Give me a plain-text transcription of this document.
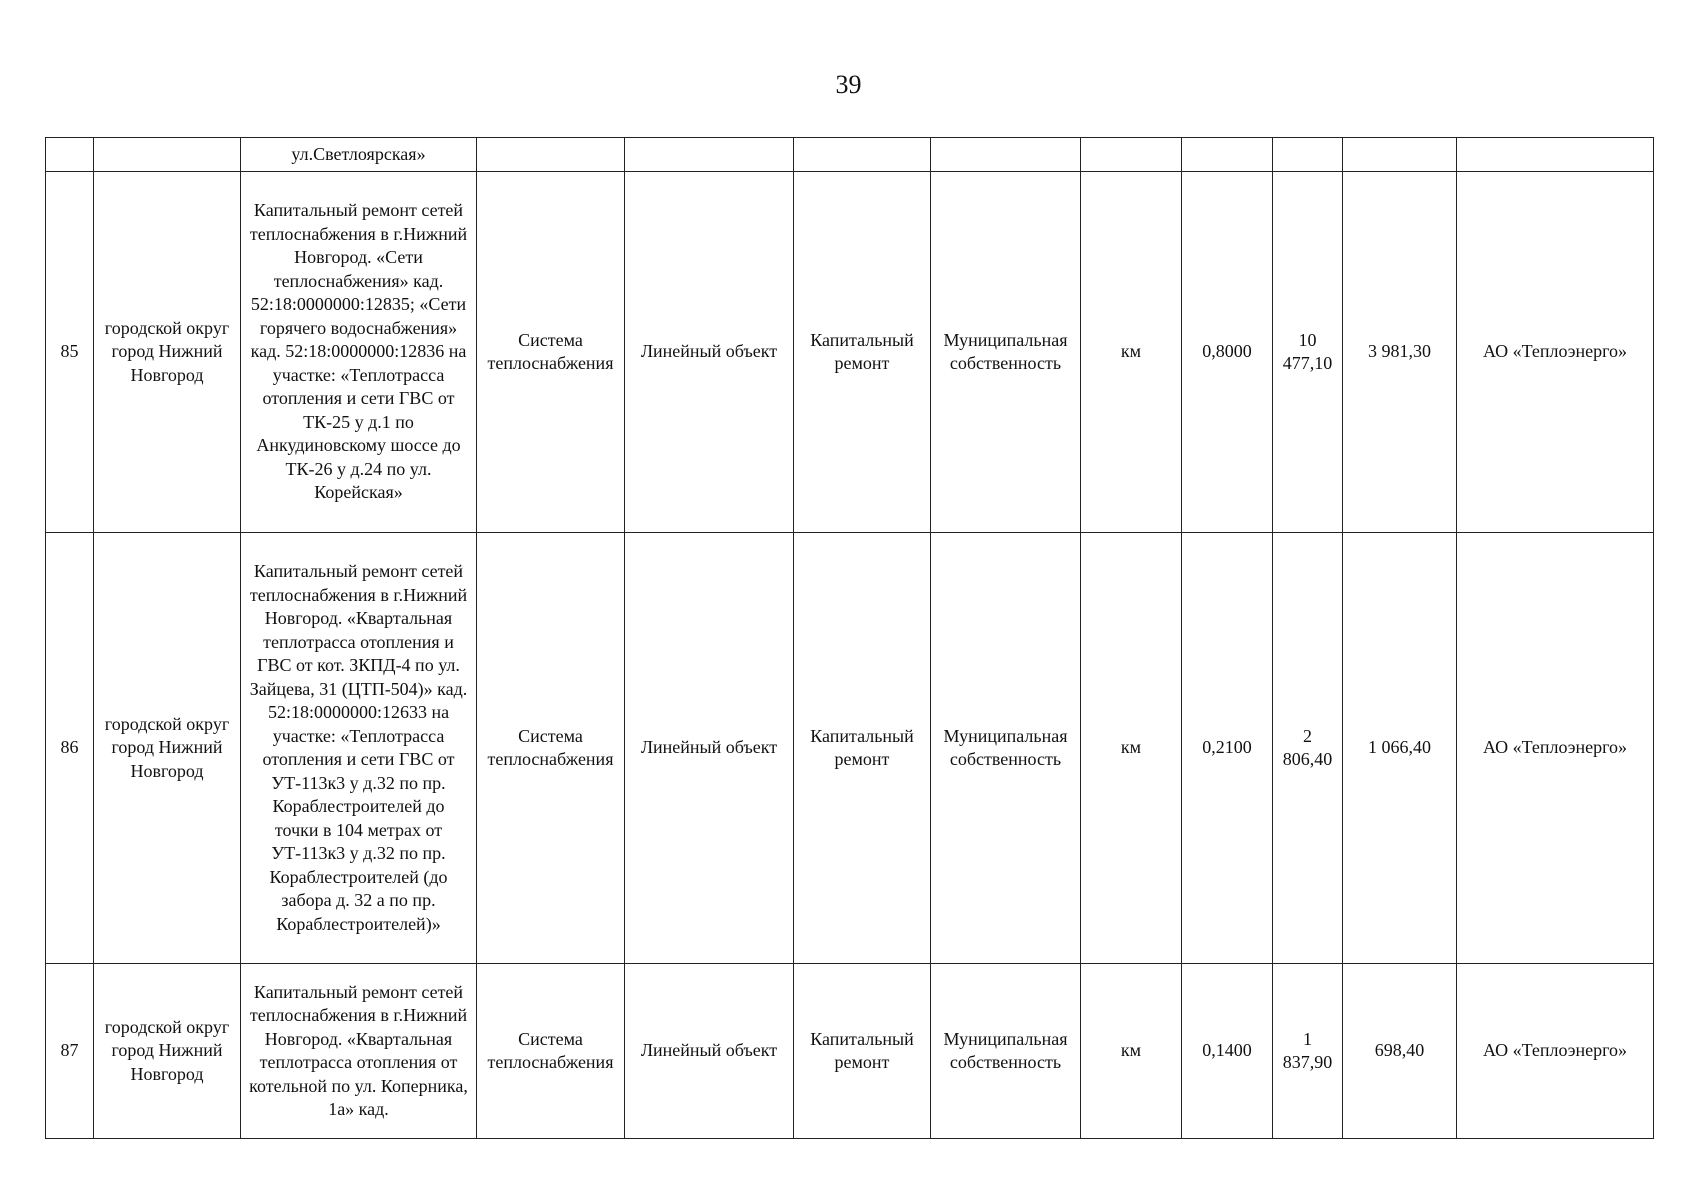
39
		ул.Светлоярская»									
85	городской округ город Нижний Новгород	Капитальный ремонт сетей теплоснабжения в г.Нижний Новгород. «Сети теплоснабжения» кад. 52:18:0000000:12835; «Сети горячего водоснабжения» кад. 52:18:0000000:12836 на участке: «Теплотрасса отопления и сети ГВС от ТК-25 у д.1 по Анкудиновскому шоссе до ТК-26 у д.24 по ул. Корейская»	Система теплоснабжения	Линейный объект	Капитальный ремонт	Муниципальная собственность	км	0,8000	10 477,10	3 981,30	АО «Теплоэнерго»
86	городской округ город Нижний Новгород	Капитальный ремонт сетей теплоснабжения в г.Нижний Новгород. «Квартальная теплотрасса отопления и ГВС от кот. ЗКПД-4 по ул. Зайцева, 31 (ЦТП-504)» кад. 52:18:0000000:12633 на участке: «Теплотрасса отопления и сети ГВС от УТ-113к3 у д.32 по пр. Кораблестроителей до точки в 104 метрах от УТ-113к3 у д.32 по пр. Кораблестроителей (до забора д. 32 а по пр. Кораблестроителей)»	Система теплоснабжения	Линейный объект	Капитальный ремонт	Муниципальная собственность	км	0,2100	2 806,40	1 066,40	АО «Теплоэнерго»
87	городской округ город Нижний Новгород	Капитальный ремонт сетей теплоснабжения в г.Нижний Новгород. «Квартальная теплотрасса отопления от котельной по ул. Коперника, 1а» кад.	Система теплоснабжения	Линейный объект	Капитальный ремонт	Муниципальная собственность	км	0,1400	1 837,90	698,40	АО «Теплоэнерго»
